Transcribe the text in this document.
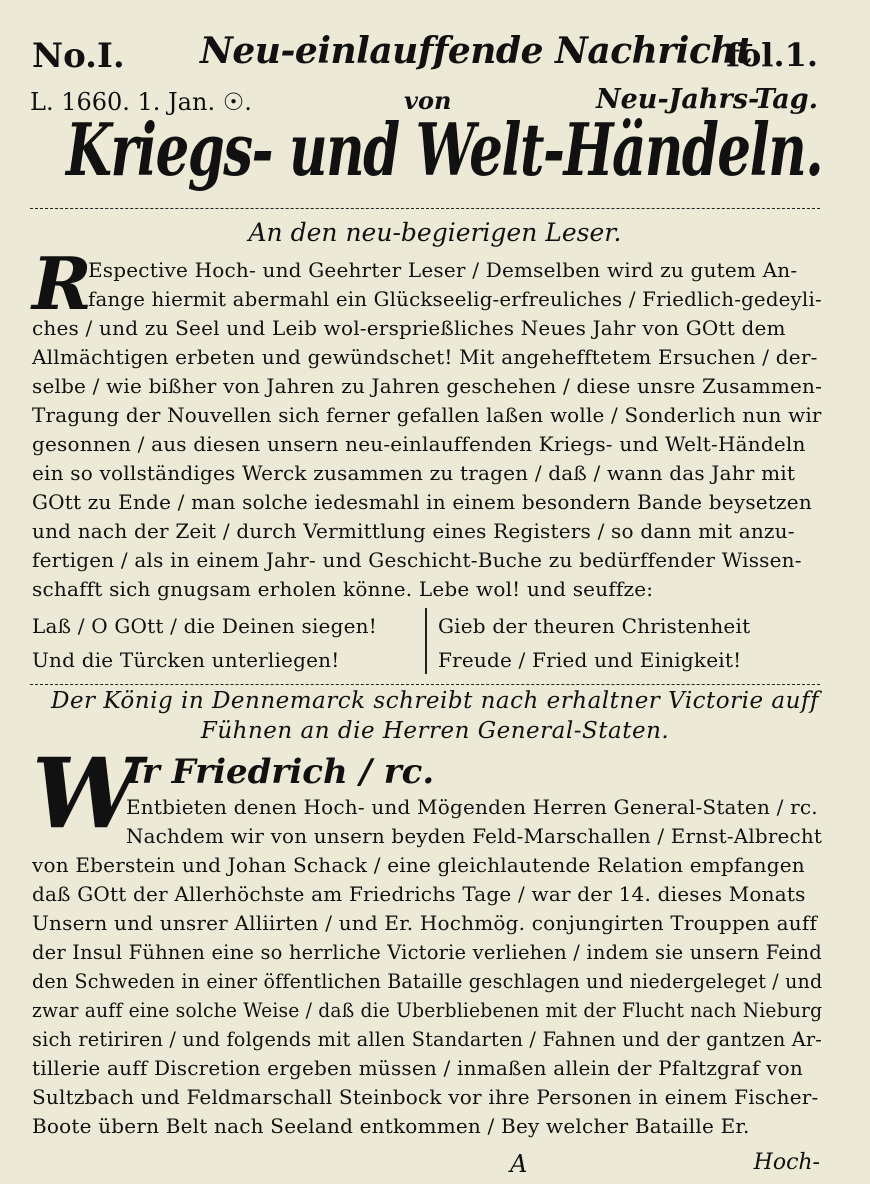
No.I. Neu-einlauffende Nachricht
fol.1.
L. 1660. 1. Jan. ☉.	von	Neu-Jahrs-Tag.
Kriegs- und Welt-Händeln.
An den neu-begierigen Leser.
R
Espective Hoch- und Geehrter Leser / Demselben wird zu gutem An-
fange hiermit abermahl ein Glückseelig-erfreuliches / Friedlich-gedeyli-
ches / und zu Seel und Leib wol-ersprießliches Neues Jahr von GOtt dem
Allmächtigen erbeten und gewündschet! Mit angehefftetem Ersuchen / der-
selbe / wie bißher von Jahren zu Jahren geschehen / diese unsre Zusammen-
Tragung der Nouvellen sich ferner gefallen laßen wolle / Sonderlich nun wir
gesonnen / aus diesen unsern neu-einlauffenden Kriegs- und Welt-Händeln
ein so vollständiges Werck zusammen zu tragen / daß / wann das Jahr mit
GOtt zu Ende / man solche iedesmahl in einem besondern Bande beysetzen
und nach der Zeit / durch Vermittlung eines Registers / so dann mit anzu-
fertigen / als in einem Jahr- und Geschicht-Buche zu bedürffender Wissen-
schafft sich gnugsam erholen könne. Lebe wol! und seuffze:
Laß / O GOtt / die Deinen siegen!
Und die Türcken unterliegen!
Gieb der theuren Christenheit
Freude / Fried und Einigkeit!
Der König in Dennemarck schreibt nach erhaltner Victorie auff
Fühnen an die Herren General-Staten.
W
Ir Friedrich / rc.
Entbieten denen Hoch- und Mögenden Herren General-Staten / rc.
Nachdem wir von unsern beyden Feld-Marschallen / Ernst-Albrecht
von Eberstein und Johan Schack / eine gleichlautende Relation empfangen
daß GOtt der Allerhöchste am Friedrichs Tage / war der 14. dieses Monats
Unsern und unsrer Alliirten / und Er. Hochmög. conjungirten Trouppen auff
der Insul Fühnen eine so herrliche Victorie verliehen / indem sie unsern Feind
den Schweden in einer öffentlichen Bataille geschlagen und niedergeleget / und
zwar auff eine solche Weise / daß die Uberbliebenen mit der Flucht nach Nieburg
sich retiriren / und folgends mit allen Standarten / Fahnen und der gantzen Ar-
tillerie auff Discretion ergeben müssen / inmaßen allein der Pfaltzgraf von
Sultzbach und Feldmarschall Steinbock vor ihre Personen in einem Fischer-
Boote übern Belt nach Seeland entkommen / Bey welcher Bataille Er.
A	Hoch-
